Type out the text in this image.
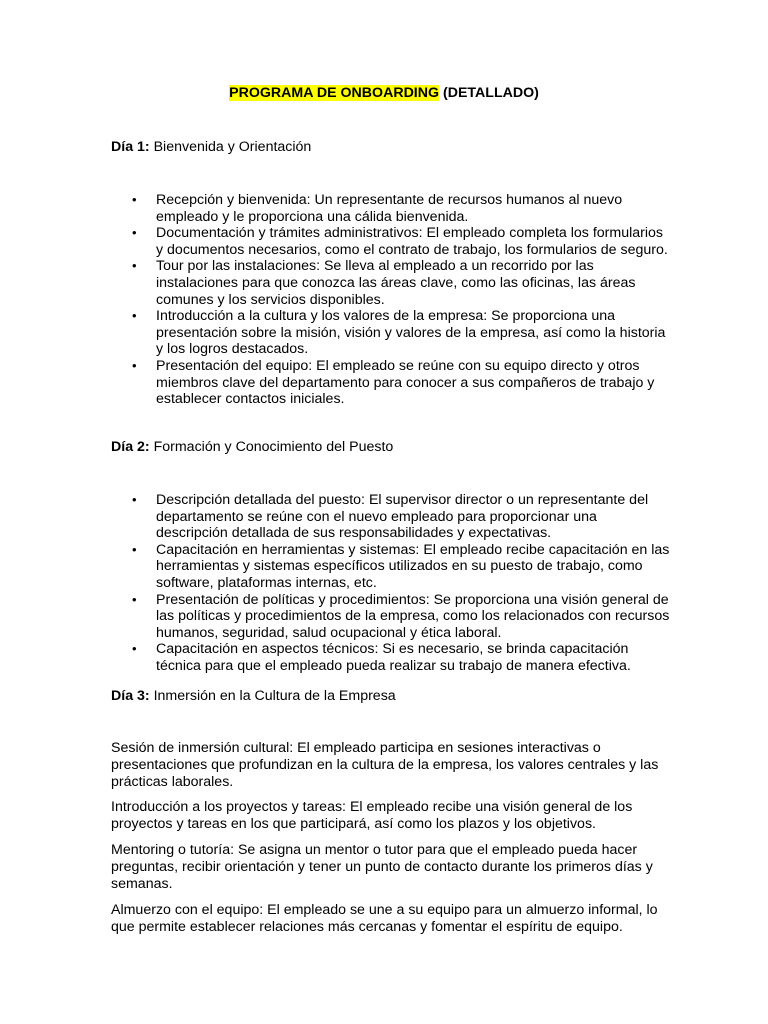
PROGRAMA DE ONBOARDING (DETALLADO)
Día 1: Bienvenida y Orientación
• Recepción y bienvenida: Un representante de recursos humanos al nuevo empleado y le proporciona una cálida bienvenida.
• Documentación y trámites administrativos: El empleado completa los formularios y documentos necesarios, como el contrato de trabajo, los formularios de seguro.
• Tour por las instalaciones: Se lleva al empleado a un recorrido por las instalaciones para que conozca las áreas clave, como las oficinas, las áreas comunes y los servicios disponibles.
• Introducción a la cultura y los valores de la empresa: Se proporciona una presentación sobre la misión, visión y valores de la empresa, así como la historia y los logros destacados.
• Presentación del equipo: El empleado se reúne con su equipo directo y otros miembros clave del departamento para conocer a sus compañeros de trabajo y establecer contactos iniciales.
Día 2: Formación y Conocimiento del Puesto
• Descripción detallada del puesto: El supervisor director o un representante del departamento se reúne con el nuevo empleado para proporcionar una descripción detallada de sus responsabilidades y expectativas.
• Capacitación en herramientas y sistemas: El empleado recibe capacitación en las herramientas y sistemas específicos utilizados en su puesto de trabajo, como software, plataformas internas, etc.
• Presentación de políticas y procedimientos: Se proporciona una visión general de las políticas y procedimientos de la empresa, como los relacionados con recursos humanos, seguridad, salud ocupacional y ética laboral.
• Capacitación en aspectos técnicos: Si es necesario, se brinda capacitación técnica para que el empleado pueda realizar su trabajo de manera efectiva.
Día 3: Inmersión en la Cultura de la Empresa

Sesión de inmersión cultural: El empleado participa en sesiones interactivas o presentaciones que profundizan en la cultura de la empresa, los valores centrales y las prácticas laborales.

Introducción a los proyectos y tareas: El empleado recibe una visión general de los proyectos y tareas en los que participará, así como los plazos y los objetivos.

Mentoring o tutoría: Se asigna un mentor o tutor para que el empleado pueda hacer preguntas, recibir orientación y tener un punto de contacto durante los primeros días y semanas.

Almuerzo con el equipo: El empleado se une a su equipo para un almuerzo informal, lo que permite establecer relaciones más cercanas y fomentar el espíritu de equipo.
